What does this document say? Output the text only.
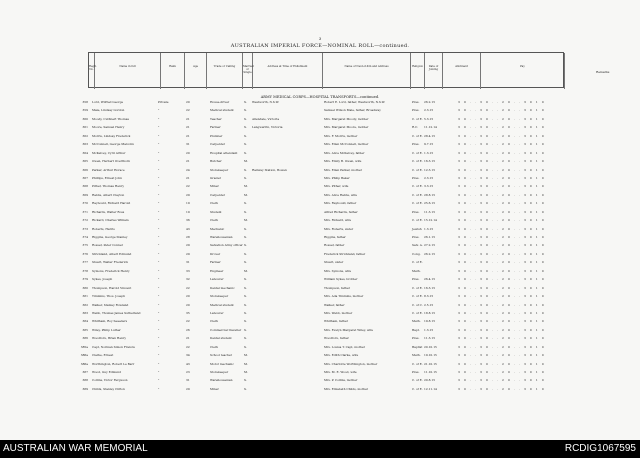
3
AUSTRALIAN IMPERIAL FORCE—NOMINAL ROLL—continued.
Regtl. No.
Name in full	Rank	Age	Trade or Calling	Married or Single
Address at Time of Enlistment	Name of Next-of-Kin and Address	Religion	Date of Joining
Allotment	Pay
Remarks
ARMY MEDICAL CORPS—HOSPITAL TRANSPORTS—continued.
358 Lord, Wilfred George	Private	20	House-driver	S.	Westworth, N.S.W.	Robert E. Lord, father, Westworth, N.S.W.	Pres.	26.2.15	3 0 . . 3 0 . . 2 0 . . 3 0 1 0
359 Male, Lindsay Gordon	"	22	Medical student	S.	Samuel Wilson Male, father, Broadway	Pres.	2.3.15	3 0 . . 3 0 . . 2 0 . . 3 0 1 0
360 Moody, Cuthbert Thomas	"	21	Teacher	S.	Allendale, Victoria	Mrs. Margaret Moody, mother	C. of E. 5.3.15	3 0 . . 3 0 . . 2 0 . . 3 0 1 0
361 Moore, Samuel Henry	"	21	Farmer	S.	Langwarrin, Victoria	Mrs. Margaret Moore, mother	R.C.	11.12.14	3 0 . . 3 0 . . 2 0 . . 3 0 1 0
362 Morris, Lindsay Frederick	"	21	Plumber	S.	Mrs. F. Morris, mother	C. of E. 28.4.15	3 0 . . 3 0 . . 2 0 . . 3 0 1 0
363 McConnell, George Malcolm	"	31	Carpenter	S.	Mrs. Ellen McConnell, mother	Pres.	9.7.15	3 0 . . 3 0 . . 2 0 . . 3 0 1 0
364 McKelvey, Cyril Arthur	"	20	Hospital attendant	S.	Mrs. Alice McKelvey, father	C. of E. 1.3.15	3 0 . . 3 0 . . 2 0 . . 3 0 1 0
365 Owen, Herbert Overthorn	"	21	Butcher	M.	Mrs. Emily B. Owen, wife	C. of E. 16.3.15	3 0 . . 3 0 . . 2 0 . . 3 0 1 0
366 Parker, Arthur Horace	"	24	Storekeeper	S.	Railway Station, Bowen	Mrs. Ellen Parker, mother	C. of E. 12.3.15	3 0 . . 3 0 . . 2 0 . . 3 0 1 0
367 Phillips, Ernest John	"	21	Grazier	S.	Mrs. Philip Baker	Pres.	2.3.15	3 0 . . 3 0 . . 2 0 . . 3 0 1 0
368 Pither, Thomas Henry	"	22	Miner	M.	Mrs. Pither, wife	C. of E. 3.3.15	3 0 . . 3 0 . . 2 0 . . 3 0 1 0
369 Rabbs, Albert Clayton	"	29	Carpenter	M.	Mrs. Alice Rabbs, wife	C. of E. 28.8.15	3 0 . . 3 0 . . 2 0 . . 3 0 1 0
370 Raybould, Richard Harold	"	19	Clerk	S.	Mrs. Raybould, father	C. of E. 25.6.15	3 0 . . 3 0 . . 2 0 . . 3 0 1 0
371 Richards, Walter Ross	"	19	Student	S.	Alfred Richards, father	Pres.	11.3.15	3 0 . . 3 0 . . 2 0 . . 3 0 1 0
372 Rickard, Charles William	"	36	Clerk	M.	Mrs. Rickard, wife	C. of E. 15.12.14	3 0 . . 3 0 . . 2 0 . . 3 0 1 0
373 Roberts, Harris	"	43	Mechanic	S.	Mrs. Roberts, sister	Jewish 1.3.15	3 0 . . 3 0 . . 2 0 . . 3 0 1 0
374 Riggins, George Stanley	"	28	Warehouseman	S.	Riggins, father	Pres.	26.1.15	3 0 . . 3 0 . . 2 0 . . 3 0 1 0
375 Rosser, Peter Conner	"	29	Salvation Army officer S.	Rosser, father	Salv. A. 27.2.15	3 0 . . 3 0 . . 2 0 . . 3 0 1 0
376 Strickland, Albert Edmund	"	29	Drover	S.	Frederick Strickland, father	Cong.	26.2.15	3 0 . . 3 0 . . 2 0 . . 3 0 1 0
377 Stuart, Walter Frederick	"	31	Farmer	S.	Stuart, sister	C. of E.	3 0 . . 3 0 . . 2 0 . . 3 0 1 0
378 Symons, Frederick Henry	"	33	Engineer	M.	Mrs. Symons, wife	Meth.	3 0 . . 3 0 . . 2 0 . . 3 0 1 0
379 Sykes, Joseph	"	32	Labourer	S.	William Sykes, brother	Pres.	26.4.15	3 0 . . 3 0 . . 2 0 . . 3 0 1 0
380 Thompson, Harold Vincent	"	22	Dental mechanic	S.	Thompson, father	C. of E. 16.3.15	3 0 . . 3 0 . . 2 0 . . 3 0 1 0
381 Timmins, Thos. Joseph	"	20	Storekeeper	S.	Mrs. Ada Timmins, mother	C. of E. 8.3.15	3 0 . . 3 0 . . 2 0 . . 3 0 1 0
382 Walker, Stanley Rowland	"	20	Medical student	S.	Walker, father	C. of C. 2.5.15	3 0 . . 3 0 . . 2 0 . . 3 0 1 0
383 Webb, Thomas James Sutherland	"	35	Labourer	S.	Mrs. Webb, mother	C. of E. 18.8.15	3 0 . . 3 0 . . 2 0 . . 3 0 1 0
384 Whitham, Roy Seaeders	"	22	Clerk	S.	Whitham, father	Meth.	19.8.15	3 0 . . 3 0 . . 2 0 . . 3 0 1 0
385 Wiley, Philip Luther	"	26	Commercial traveller S.	Mrs. Evelyn Margaret Wiley, wife	Bapt.	1.3.15	3 0 . . 3 0 . . 2 0 . . 3 0 1 0
386 Woodforu, Brian Henry	"	21	Dental student	S.	Woodforu, father	Pres.	11.3.15	3 0 . . 3 0 . . 2 0 . . 3 0 1 0
385a Capt, Norman Simon Francis	"	22	Clerk	S.	Mrs. Louisa T. Capt, mother	Baptist 20.10.15	3 0 . . 3 0 . . 2 0 . . 3 0 1 0
386a Clarke, Ernest	"	34	School teacher	M.	Mrs. Edith Clarke, wife	Meth.	19.10.15	3 0 . . 3 0 . . 2 0 . . 3 0 1 0
386a Worthington, Robert Le Barr	"	43	Motor mechanic	M.	Mrs. Charlotte Worthington, mother	C. of E. 21.10.15	3 0 . . 3 0 . . 2 0 . . 3 0 1 0
387 Wood, Guy Edmund	"	23	Storekeeper	M.	Mrs. M. E. Wood, wife	Pres.	11.10.15	3 0 . . 3 0 . . 2 0 . . 3 0 1 0
388 Collins, Victor Ferguson	"	31	Warehouseman	S.	Mrs. P. Collins, mother	C. of E. 20.8.15	3 0 . . 3 0 . . 2 0 . . 3 0 1 0
389 Childs, Stanley Clifton	"	29	Miner	S.	Mrs. Elizabeth Childs, mother	C. of E. 12.11.14	3 0 . . 3 0 . . 2 0 . . 3 0 1 0
AUSTRALIAN WAR MEMORIAL	RCDIG1067595
